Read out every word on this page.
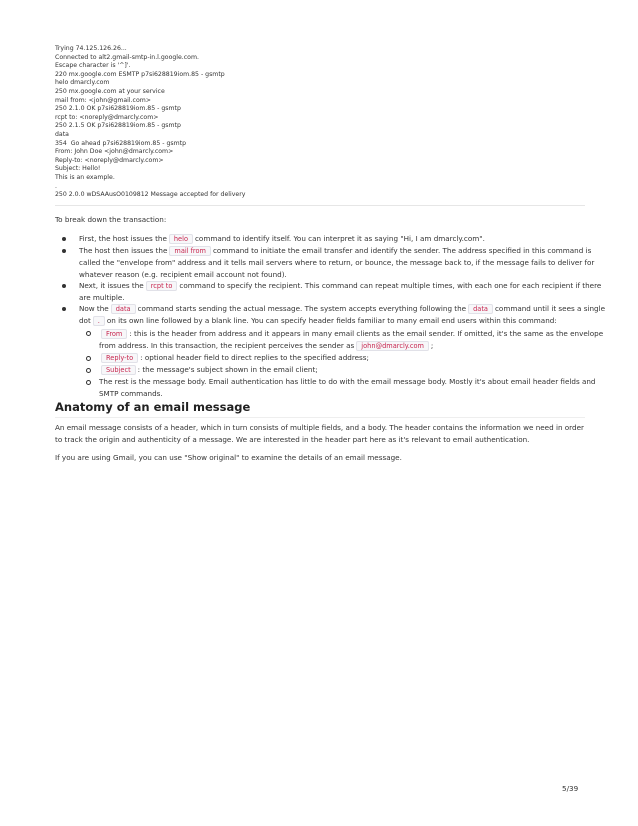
Trying 74.125.126.26...
Connected to alt2.gmail-smtp-in.l.google.com.
Escape character is '^]'.
220 mx.google.com ESMTP p7si628819iom.85 - gsmtp
helo dmarcly.com
250 mx.google.com at your service
mail from: <john@gmail.com>
250 2.1.0 OK p7si628819iom.85 - gsmtp
rcpt to: <noreply@dmarcly.com>
250 2.1.5 OK p7si628819iom.85 - gsmtp
data
354  Go ahead p7si628819iom.85 - gsmtp
From: John Doe <john@dmarcly.com>
Reply-to: <noreply@dmarcly.com>
Subject: Hello!
This is an example.
.
250 2.0.0 wDSAAusO0109812 Message accepted for delivery
To break down the transaction:
First, the host issues the helo command to identify itself. You can interpret it as saying "Hi, I am dmarcly.com".
The host then issues the mail from command to initiate the email transfer and identify the sender. The address specified in this command is called the "envelope from" address and it tells mail servers where to return, or bounce, the message back to, if the message fails to deliver for whatever reason (e.g. recipient email account not found).
Next, it issues the rcpt to command to specify the recipient. This command can repeat multiple times, with each one for each recipient if there are multiple.
Now the data command starts sending the actual message. The system accepts everything following the data command until it sees a single dot . on its own line followed by a blank line. You can specify header fields familiar to many email end users within this command:
From : this is the header from address and it appears in many email clients as the email sender. If omitted, it's the same as the envelope from address. In this transaction, the recipient perceives the sender as john@dmarcly.com ;
Reply-to : optional header field to direct replies to the specified address;
Subject : the message's subject shown in the email client;
The rest is the message body. Email authentication has little to do with the email message body. Mostly it's about email header fields and SMTP commands.
Anatomy of an email message

An email message consists of a header, which in turn consists of multiple fields, and a body. The header contains the information we need in order to track the origin and authenticity of a message. We are interested in the header part here as it's relevant to email authentication.

If you are using Gmail, you can use "Show original" to examine the details of an email message.

5/39
